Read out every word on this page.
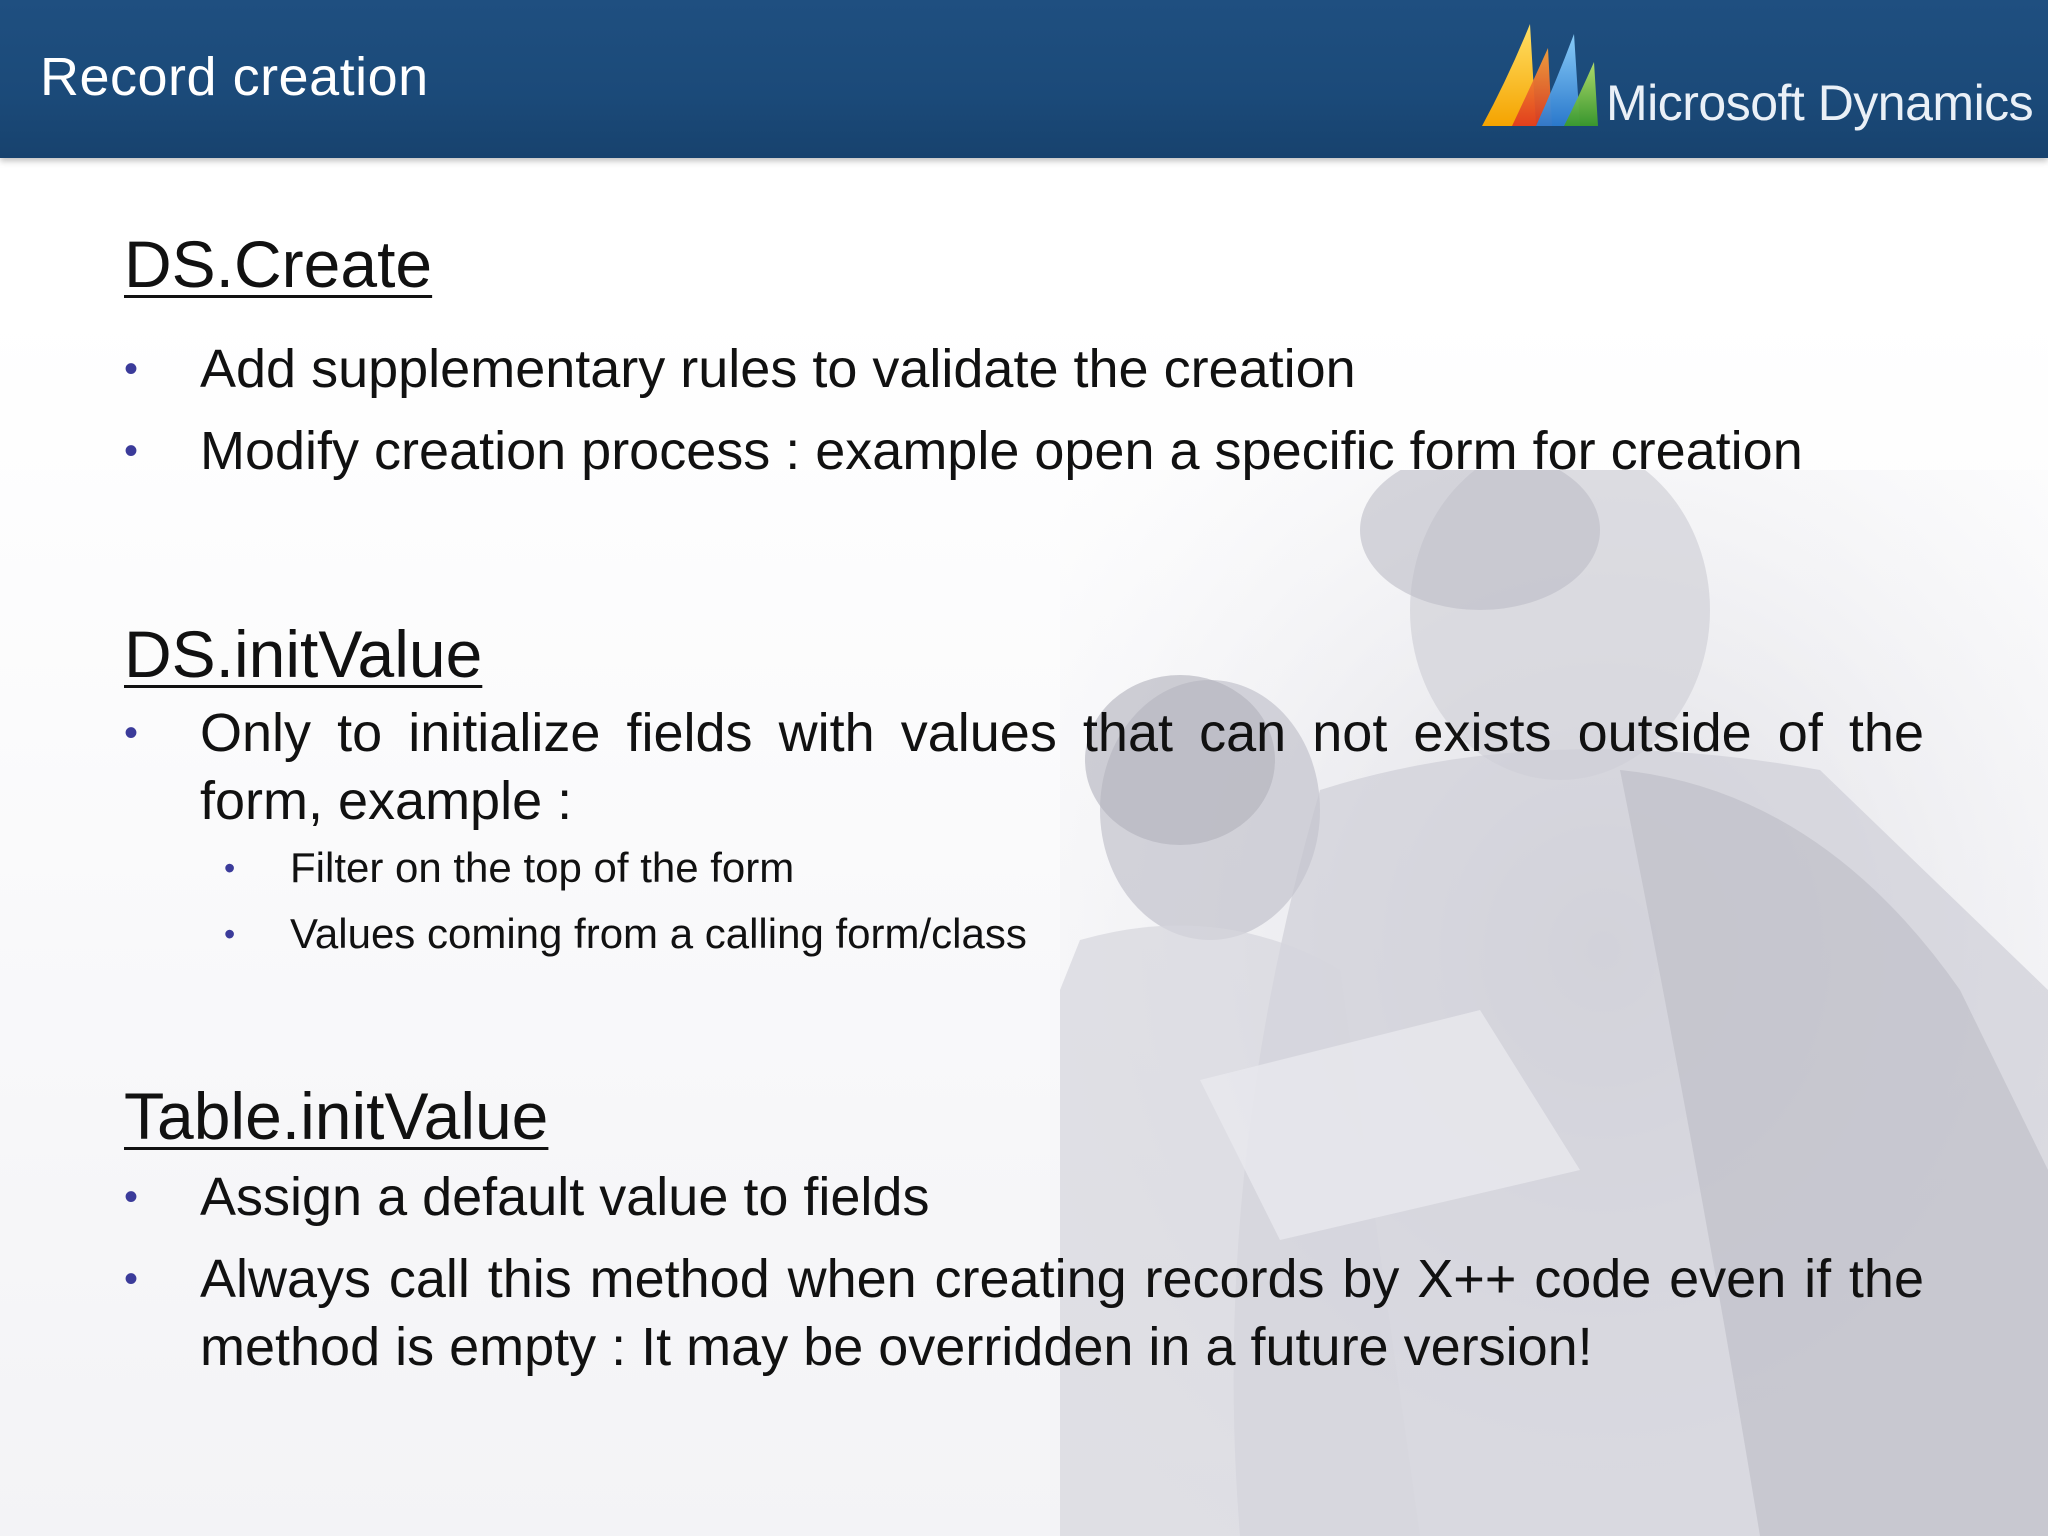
Record creation	Microsoft Dynamics
DS.Create
• Add supplementary rules to validate the creation
• Modify creation process : example open a specific form for creation
DS.initValue
• Only to initialize fields with values that can not exists outside of the form, example :
• Filter on the top of the form
• Values coming from a calling form/class
Table.initValue
• Assign a default value to fields
• Always call this method when creating records by X++ code even if the method is empty : It may be overridden in a future version!
